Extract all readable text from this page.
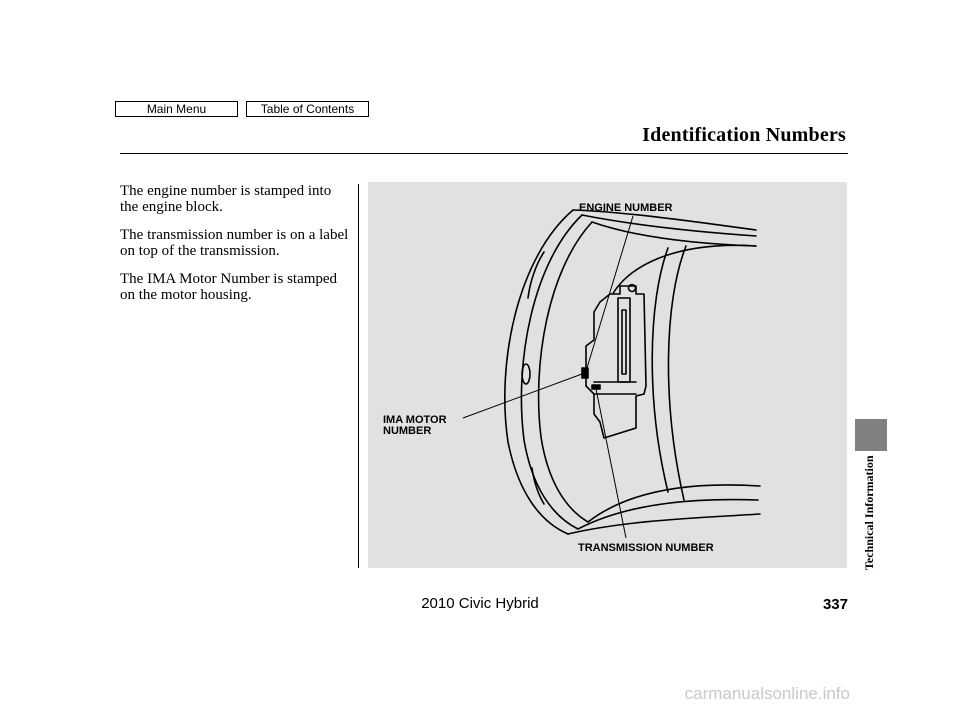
Main Menu	Table of Contents
Identification Numbers

The engine number is stamped into the engine block.

The transmission number is on a label on top of the transmission.

The IMA Motor Number is stamped on the motor housing.

ENGINE NUMBER
IMA MOTOR NUMBER
TRANSMISSION NUMBER	Technical Information
337
2010 Civic Hybrid
carmanualsonline.info
